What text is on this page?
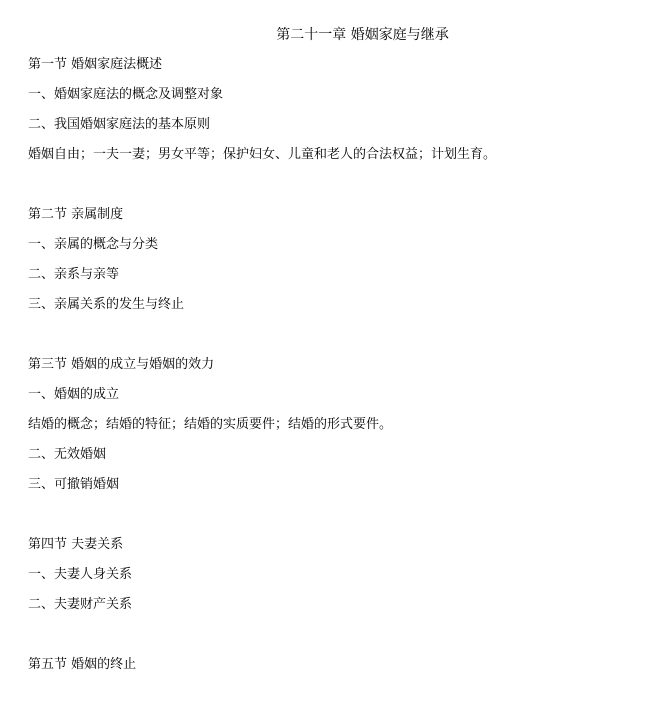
第二十一章 婚姻家庭与继承
第一节 婚姻家庭法概述
一、婚姻家庭法的概念及调整对象
二、我国婚姻家庭法的基本原则
婚姻自由；一夫一妻；男女平等；保护妇女、儿童和老人的合法权益；计划生育。
第二节 亲属制度
一、亲属的概念与分类
二、亲系与亲等
三、亲属关系的发生与终止
第三节 婚姻的成立与婚姻的效力
一、婚姻的成立
结婚的概念；结婚的特征；结婚的实质要件；结婚的形式要件。
二、无效婚姻
三、可撤销婚姻
第四节 夫妻关系
一、夫妻人身关系
二、夫妻财产关系
第五节 婚姻的终止
